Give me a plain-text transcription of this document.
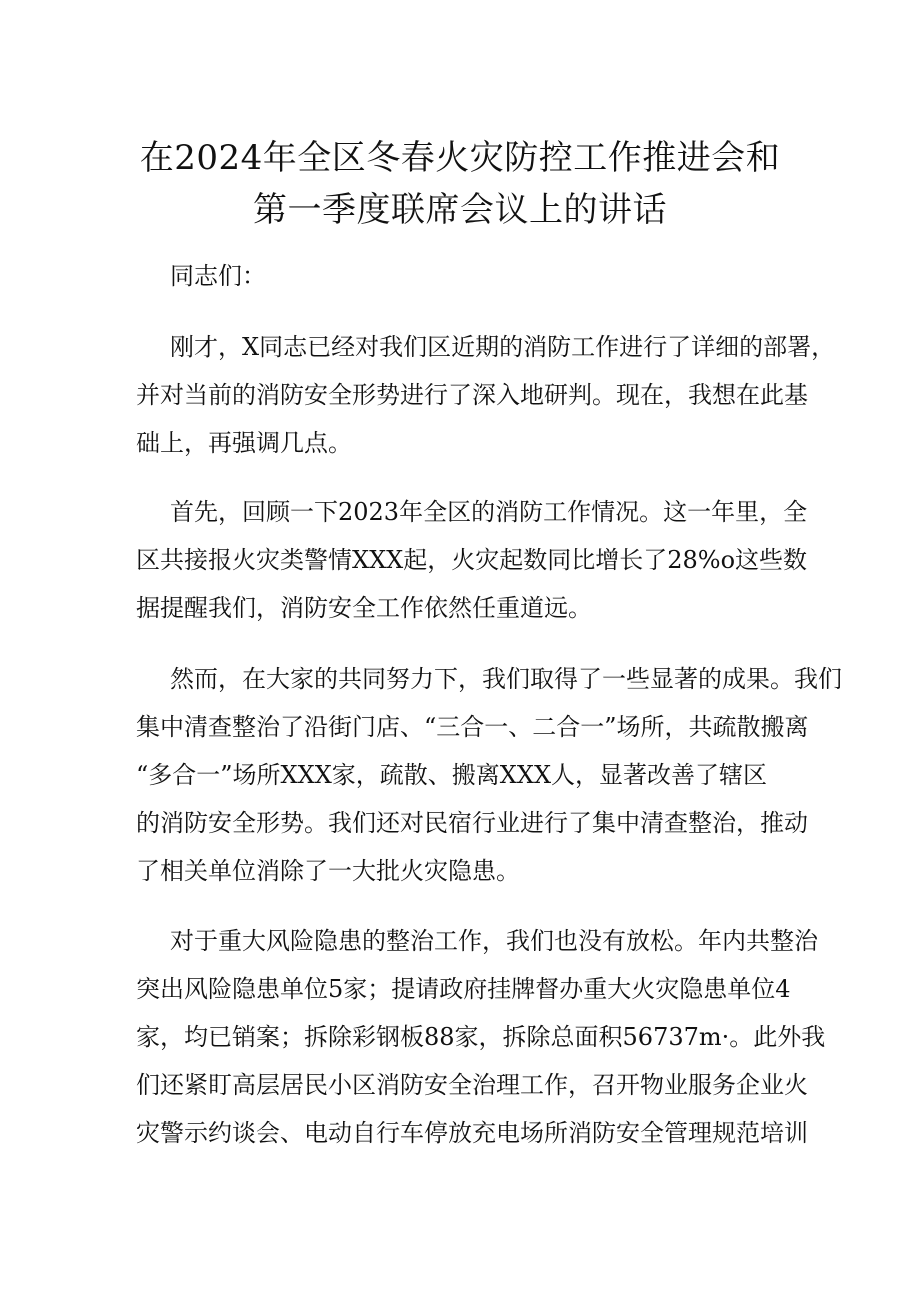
在2024年全区冬春火灾防控工作推进会和
第一季度联席会议上的讲话

同志们：

刚才，X同志已经对我们区近期的消防工作进行了详细的部署，

并对当前的消防安全形势进行了深入地研判。现在，我想在此基

础上，再强调几点。

首先，回顾一下2023年全区的消防工作情况。这一年里，全

区共接报火灾类警情XXX起，火灾起数同比增长了28%o这些数

据提醒我们，消防安全工作依然任重道远。

然而，在大家的共同努力下，我们取得了一些显著的成果。我们

集中清查整治了沿街门店、“三合一、二合一”场所，共疏散搬离

“多合一”场所XXX家，疏散、搬离XXX人，显著改善了辖区

的消防安全形势。我们还对民宿行业进行了集中清查整治，推动

了相关单位消除了一大批火灾隐患。

对于重大风险隐患的整治工作，我们也没有放松。年内共整治

突出风险隐患单位5家；提请政府挂牌督办重大火灾隐患单位4

家，均已销案；拆除彩钢板88家，拆除总面积56737m·。此外我

们还紧盯高层居民小区消防安全治理工作，召开物业服务企业火

灾警示约谈会、电动自行车停放充电场所消防安全管理规范培训
